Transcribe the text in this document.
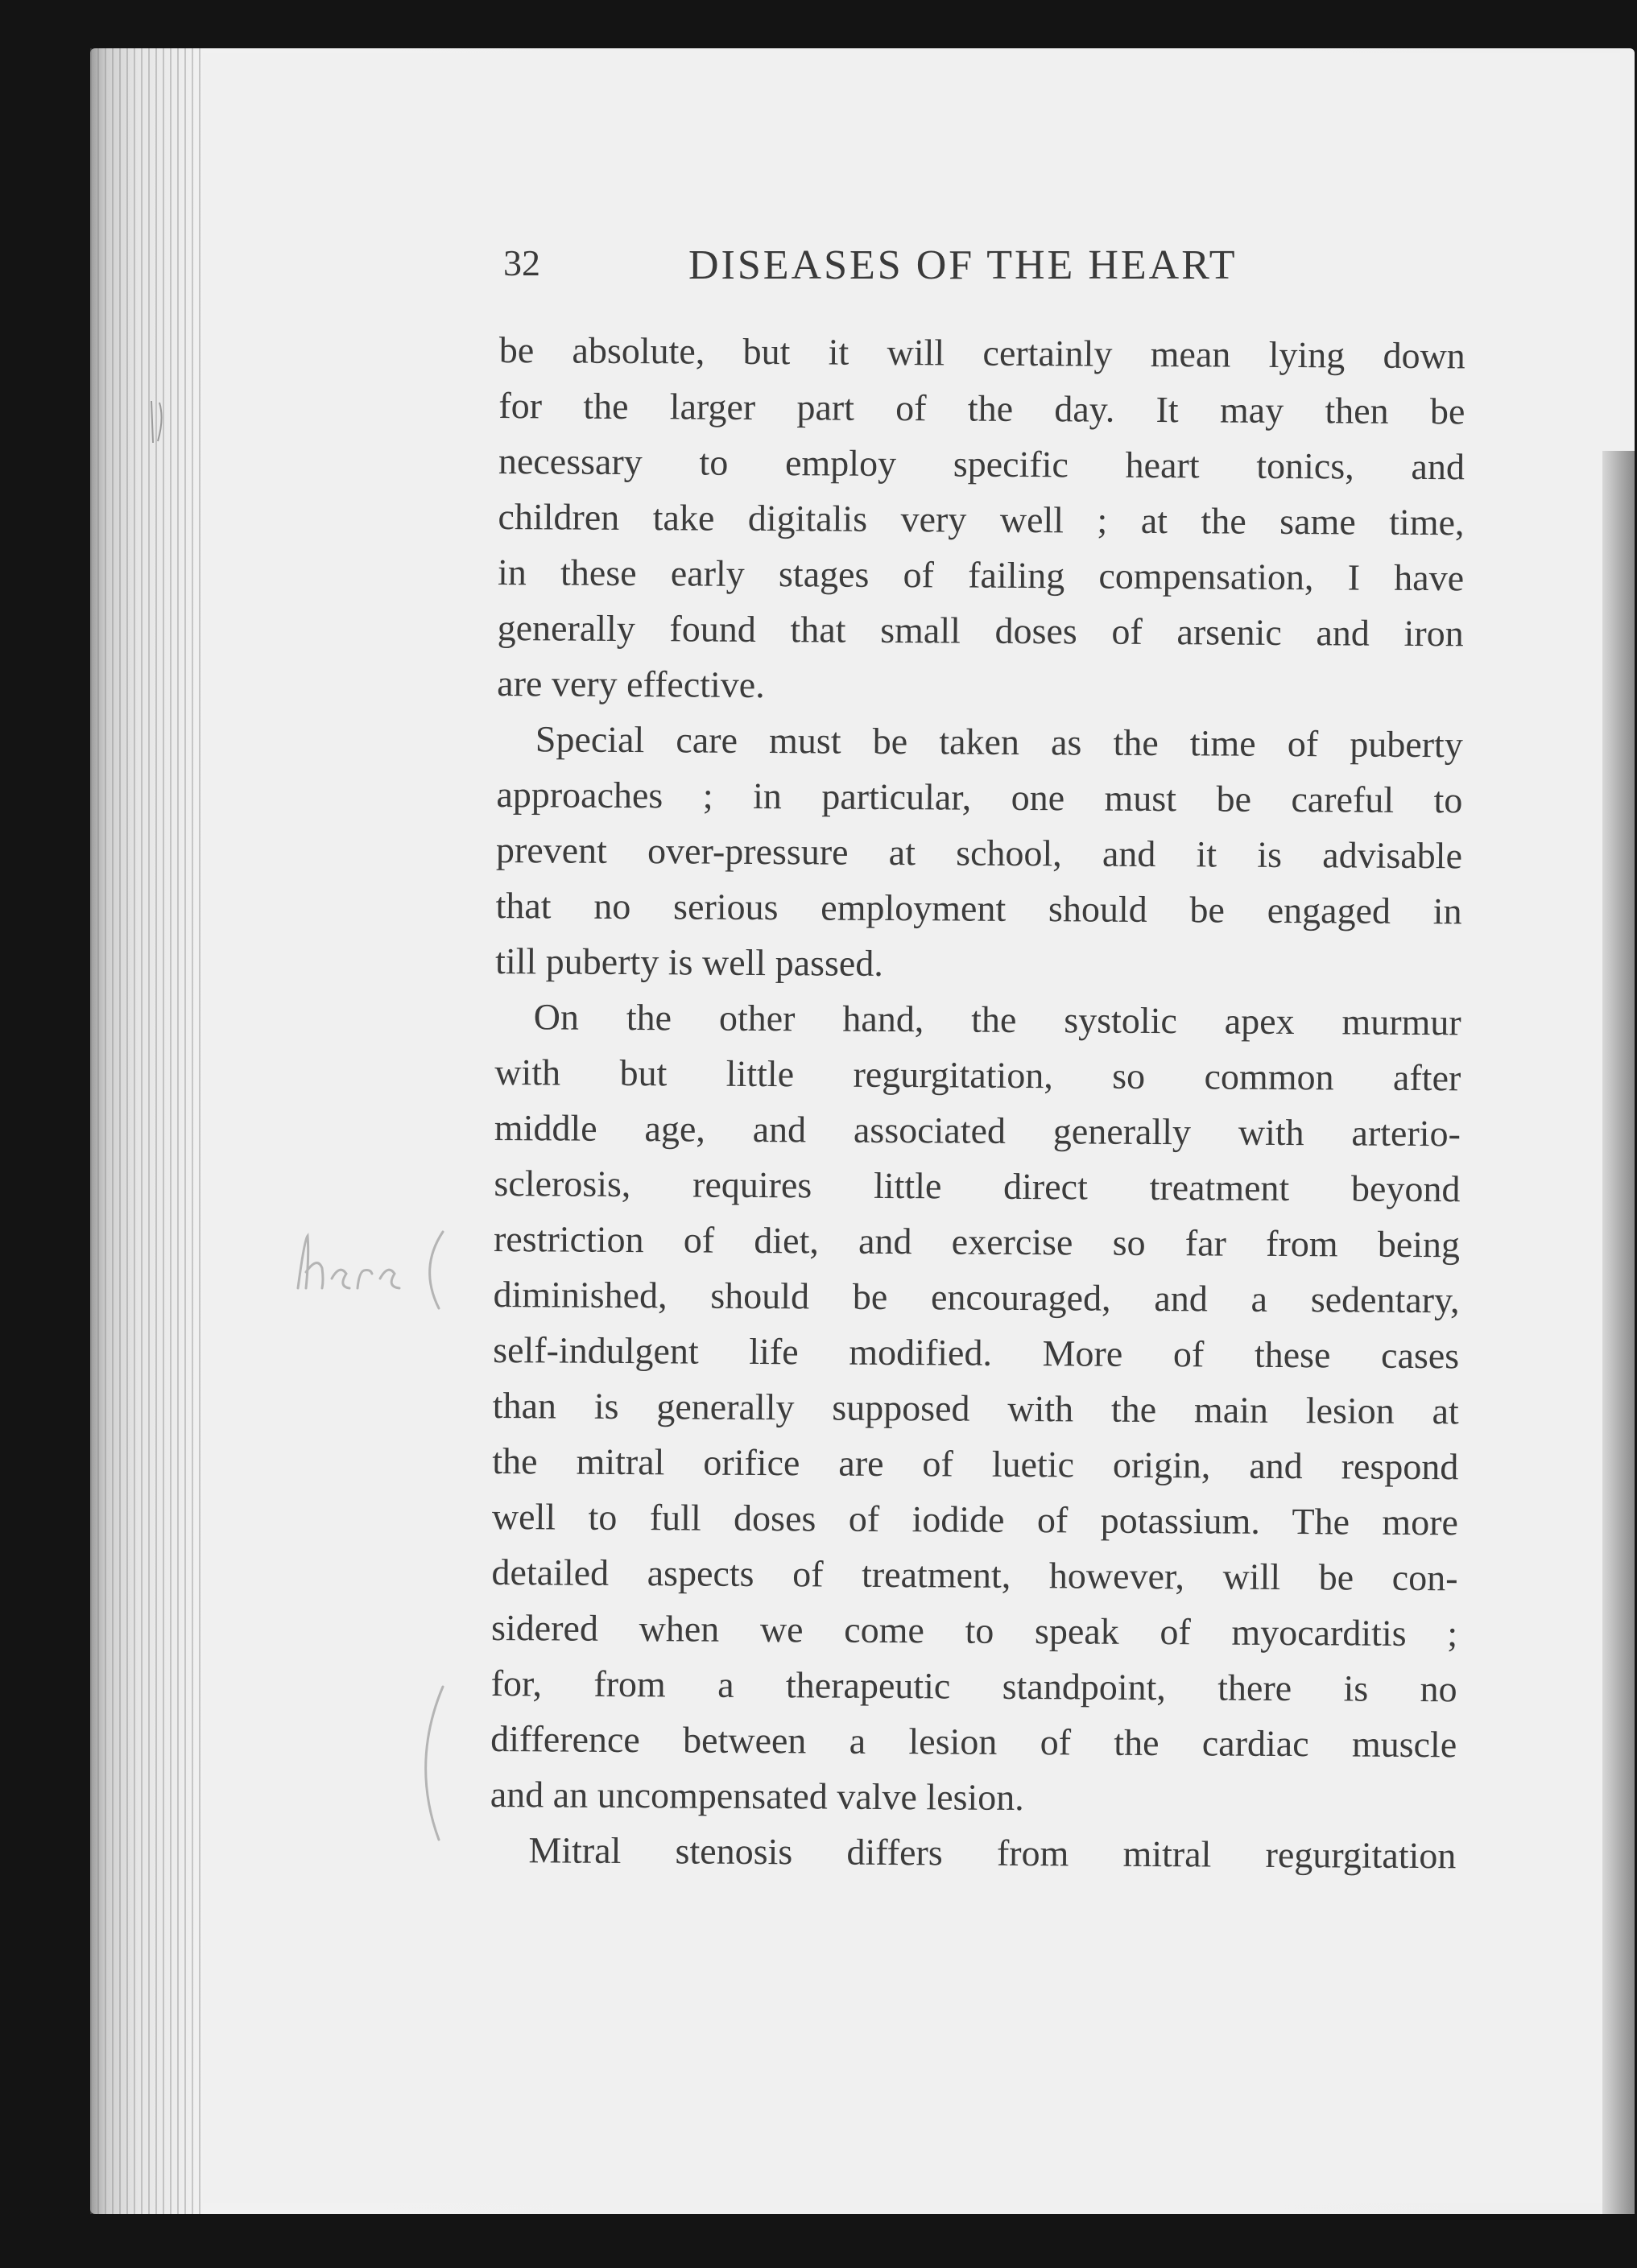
32	DISEASES OF THE HEART
be absolute, but it will certainly mean lying down
for the larger part of the day. It may then be
necessary to employ specific heart tonics, and
children take digitalis very well ; at the same time,
in these early stages of failing compensation, I have
generally found that small doses of arsenic and iron
are very effective.
Special care must be taken as the time of puberty
approaches ; in particular, one must be careful to
prevent over-pressure at school, and it is advisable
that no serious employment should be engaged in
till puberty is well passed.
On the other hand, the systolic apex murmur
with but little regurgitation, so common after
middle age, and associated generally with arterio-
sclerosis, requires little direct treatment beyond
restriction of diet, and exercise so far from being
diminished, should be encouraged, and a sedentary,
self-indulgent life modified. More of these cases
than is generally supposed with the main lesion at
the mitral orifice are of luetic origin, and respond
well to full doses of iodide of potassium. The more
detailed aspects of treatment, however, will be con-
sidered when we come to speak of myocarditis ;
for, from a therapeutic standpoint, there is no
difference between a lesion of the cardiac muscle
and an uncompensated valve lesion.
Mitral stenosis differs from mitral regurgitation
